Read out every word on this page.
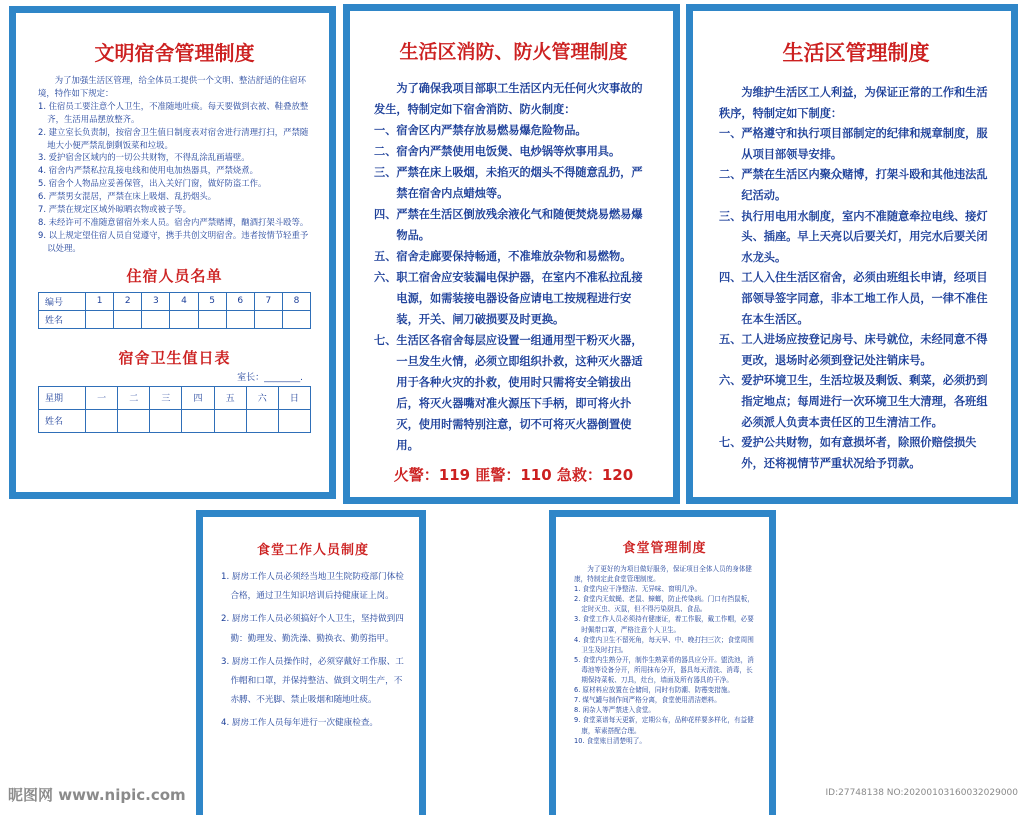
文明宿舍管理制度

为了加强生活区管理，给全体员工提供一个文明、整洁舒适的住宿环境，特作如下规定：

1. 住宿员工要注意个人卫生，不准随地吐痰。每天要做到衣被、鞋叠放整齐，生活用品摆放整齐。

2. 建立室长负责制，按宿舍卫生值日制度表对宿舍进行清理打扫，严禁随地大小便严禁乱倒剩饭菜和垃圾。

3. 爱护宿舍区域内的一切公共财物，不得乱涂乱画墙壁。

4. 宿舍内严禁私拉乱接电线和使用电加热器具，严禁烧煮。

5. 宿舍个人物品应妥善保管，出入关好门窗，做好防盗工作。

6. 严禁男女混居，严禁在床上吸烟、乱扔烟头。

7. 严禁在规定区域外晾晒衣物或被子等。

8. 未经许可不准随意留宿外来人员。宿舍内严禁赌博，酗酒打架斗殴等。

9. 以上规定望住宿人员自觉遵守，携手共创文明宿舍。违者按情节轻重予以处理。

住宿人员名单
编号	1	2	3	4	5	6	7	8
姓名								
宿舍卫生值日表
室长：________.
星期	一	二	三	四	五	六	日
姓名							
生活区消防、防火管理制度

为了确保我项目部职工生活区内无任何火灾事故的发生，特制定如下宿舍消防、防火制度：

一、宿舍区内严禁存放易燃易爆危险物品。

二、宿舍内严禁使用电饭煲、电炒锅等炊事用具。

三、严禁在床上吸烟，未掐灭的烟头不得随意乱扔，严禁在宿舍内点蜡烛等。

四、严禁在生活区倒放残余液化气和随便焚烧易燃易爆物品。

五、宿舍走廊要保持畅通，不准堆放杂物和易燃物。

六、职工宿舍应安装漏电保护器，在室内不准私拉乱接电源，如需装接电器设备应请电工按规程进行安装，开关、闸刀破损要及时更换。

七、生活区各宿舍每层应设置一组通用型干粉灭火器，一旦发生火情，必须立即组织扑救，这种灭火器适用于各种火灾的扑救，使用时只需将安全销拔出后，将灭火器嘴对准火源压下手柄，即可将火扑灭，使用时需特别注意，切不可将灭火器倒置使用。

火警：119 匪警：110 急救：120
生活区管理制度

为维护生活区工人利益，为保证正常的工作和生活秩序，特制定如下制度：

一、严格遵守和执行项目部制定的纪律和规章制度，服从项目部领导安排。

二、严禁在生活区内聚众赌博，打架斗殴和其他违法乱纪活动。

三、执行用电用水制度，室内不准随意牵拉电线、接灯头、插座。早上天亮以后要关灯，用完水后要关闭水龙头。

四、工人入住生活区宿舍，必须由班组长申请，经项目部领导签字同意，非本工地工作人员，一律不准住在本生活区。

五、工人进场应按登记房号、床号就位，未经同意不得更改，退场时必须到登记处注销床号。

六、爱护环境卫生，生活垃圾及剩饭、剩菜，必须扔到指定地点；每周进行一次环境卫生大清理，各班组必须派人负责本责任区的卫生清洁工作。

七、爱护公共财物，如有意损坏者，除照价赔偿损失外，还将视情节严重状况给予罚款。

食堂工作人员制度

1. 厨房工作人员必须经当地卫生院防疫部门体检合格，通过卫生知识培训后持健康证上岗。

2. 厨房工作人员必须搞好个人卫生，坚持做到四勤：勤理发、勤洗澡、勤换衣、勤剪指甲。

3. 厨房工作人员操作时，必须穿戴好工作服、工作帽和口罩，并保持整洁、做到文明生产，不赤膊、不光脚、禁止吸烟和随地吐痰。

4. 厨房工作人员每年进行一次健康检查。

食堂管理制度

为了更好的为项目做好服务，保证项目全体人员的身体健康，特制定此食堂管理制度。

1. 食堂内应干净整洁、无异味、窗明几净。

2. 食堂内无蚊蝇、老鼠、蟑螂，防止传染病。门口有挡鼠板，定时灭虫、灭鼠，但不得污染厨具、食品。

3. 食堂工作人员必须持有健康证，着工作服，戴工作帽，必要时佩带口罩，严格注意个人卫生。

4. 食堂内卫生不留死角，每天早、中、晚打扫三次；食堂周围卫生及时打扫。

5. 食堂内生熟分开，制作生熟菜肴的器具应分开。盥洗池，消毒池等设备分开，所用抹布分开，器具每天清洗、消毒，长期保持菜板、刀具，灶台，墙面及所有器具的干净。

6. 原材料应放置在仓储间，同时有防潮、防霉变措施。

7. 煤气罐与制作间严格分离，食堂使用清洁燃料。

8. 闲杂人等严禁进入食堂。

9. 食堂菜谱每天更新，定期公布，品种花样要多样化，有益健康，荤素搭配合理。

10. 食堂账目清楚明了。

昵图网 www.nipic.com	ID:27748138 NO:20200103160032029000
